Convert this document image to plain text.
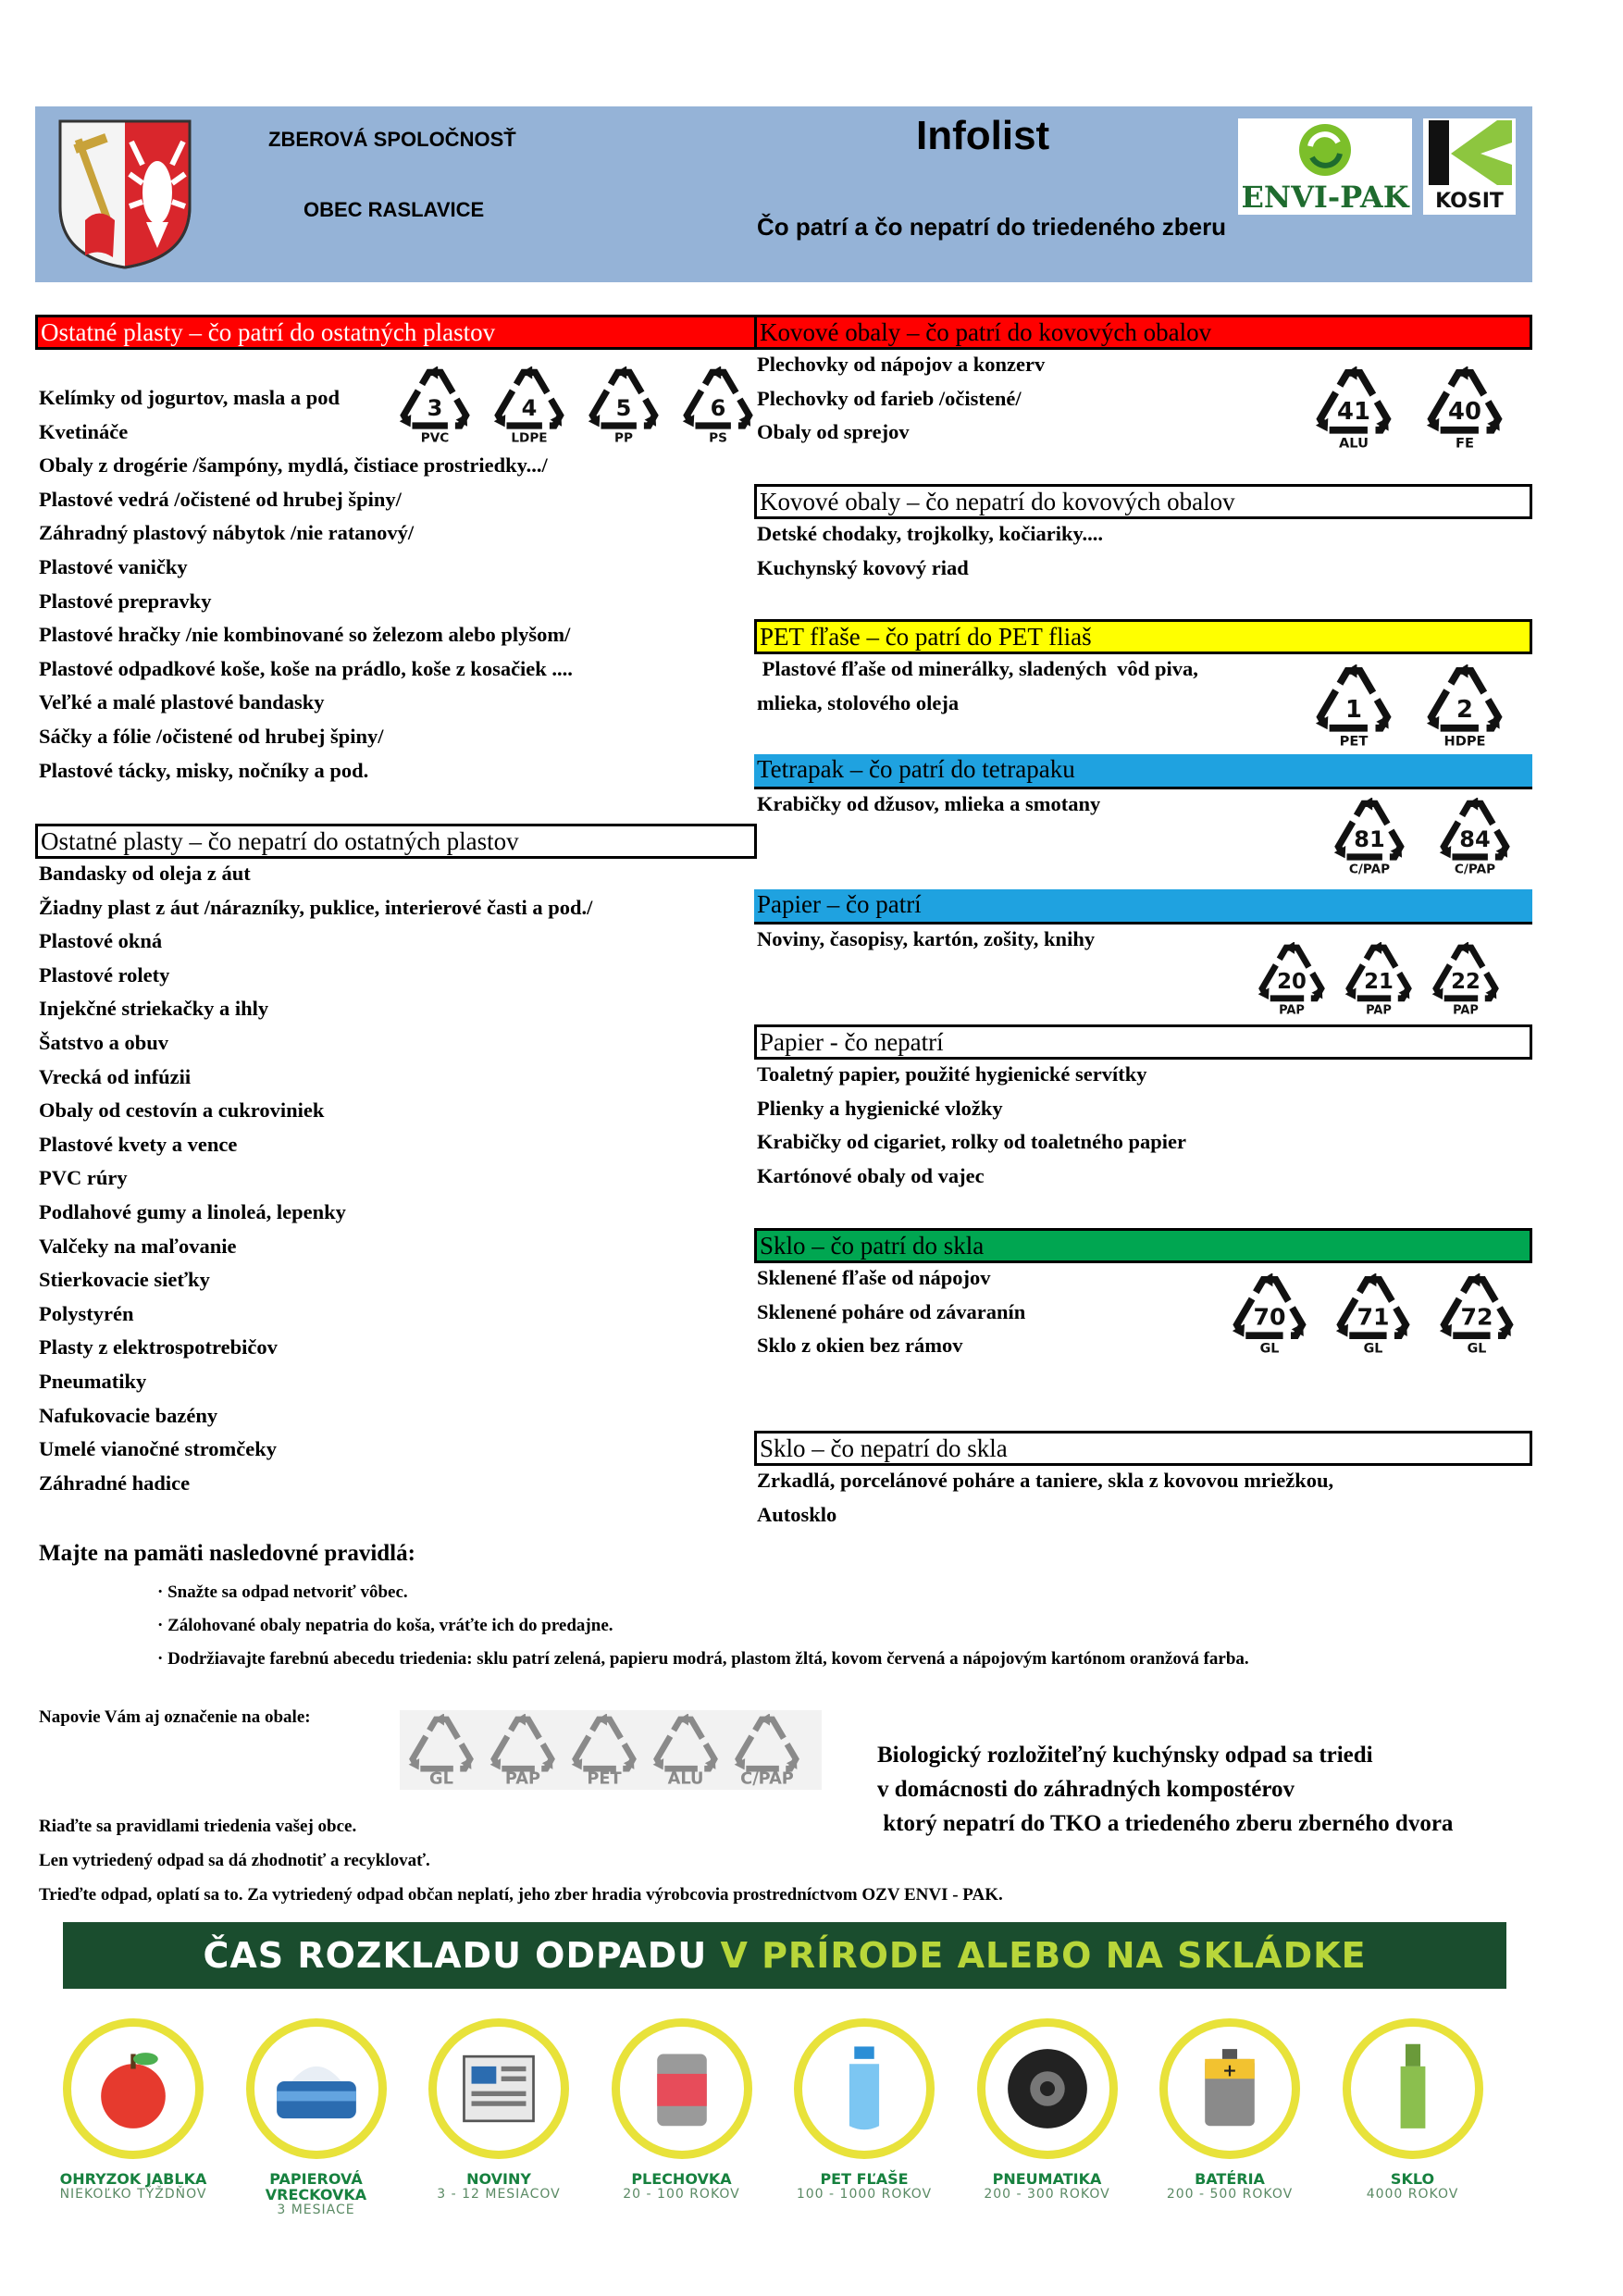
ZBEROVÁ SPOLOČNOSŤ
OBEC RASLAVICE
Infolist
Čo patrí a čo nepatrí do triedeného zberu
ENVI-PAK KOSIT
Ostatné plasty – čo patrí do ostatných plastov
Kelímky od jogurtov, masla a pod
Kvetináče
Obaly z drogérie /šampóny, mydlá, čistiace prostriedky.../
Plastové vedrá /očistené od hrubej špiny/
Záhradný plastový nábytok /nie ratanový/
Plastové vaničky
Plastové prepravky
Plastové hračky /nie kombinované so železom alebo plyšom/
Plastové odpadkové koše, koše na prádlo, koše z kosačiek ....
Veľké a malé plastové bandasky
Sáčky a fólie /očistené od hrubej špiny/
Plastové tácky, misky, nočníky a pod.
3
PVC
4
LDPE
5
PP
6
PS
Ostatné plasty – čo nepatrí do ostatných plastov
Bandasky od oleja z áut
Žiadny plast z áut /nárazníky, puklice, interierové časti a pod./
Plastové okná
Plastové rolety
Injekčné striekačky a ihly
Šatstvo a obuv
Vrecká od infúzii
Obaly od cestovín a cukroviniek
Plastové kvety a vence
PVC rúry
Podlahové gumy a linoleá, lepenky
Valčeky na maľovanie
Stierkovacie sieťky
Polystyrén
Plasty z elektrospotrebičov
Pneumatiky
Nafukovacie bazény
Umelé vianočné stromčeky
Záhradné hadice
Kovové obaly – čo patrí do kovových obalov
Plechovky od nápojov a konzerv
Plechovky od farieb /očistené/
Obaly od sprejov
41
ALU
40
FE
Kovové obaly – čo nepatrí do kovových obalov
Detské chodaky, trojkolky, kočiariky....
Kuchynský kovový riad
PET fľaše – čo patrí do PET fliaš
Plastové fľaše od minerálky, sladených  vôd piva,
mlieka, stolového oleja	1
PET
2
HDPE
Tetrapak – čo patrí do tetrapaku
Krabičky od džusov, mlieka a smotany
81
C/PAP
84
C/PAP
Papier – čo patrí
Noviny, časopisy, kartón, zošity, knihy
20
PAP
21
PAP
22
PAP
Papier - čo nepatrí
Toaletný papier, použité hygienické servítky
Plienky a hygienické vložky
Krabičky od cigariet, rolky od toaletného papier
Kartónové obaly od vajec
Sklo – čo patrí do skla
Sklenené fľaše od nápojov
Sklenené poháre od závaranín
Sklo z okien bez rámov
70
GL
71
GL
72
GL
Sklo – čo nepatrí do skla
Zrkadlá, porcelánové poháre a taniere, skla z kovovou mriežkou,
Autosklo
Majte na pamäti nasledovné pravidlá:
· Snažte sa odpad netvoriť vôbec.
· Zálohované obaly nepatria do koša, vráťte ich do predajne.
· Dodržiavajte farebnú abecedu triedenia: sklu patrí zelená, papieru modrá, plastom žltá, kovom červená a nápojovým kartónom oranžová farba.
Napovie Vám aj označenie na obale:
GL PAP PET ALU C/PAP
Biologický rozložiteľný kuchýnsky odpad sa triedi
v domácnosti do záhradných kompostérov
ktorý nepatrí do TKO a triedeného zberu zberného dvora
Riaďte sa pravidlami triedenia vašej obce.
Len vytriedený odpad sa dá zhodnotiť a recyklovať.
Trieďte odpad, oplatí sa to. Za vytriedený odpad občan neplatí, jeho zber hradia výrobcovia prostredníctvom OZV ENVI - PAK.
ČAS ROZKLADU ODPADU V PRÍRODE ALEBO NA SKLÁDKE
OHRYZOK JABLKA
NIEKOĽKO TÝŽDŇOV
PAPIEROVÁ VRECKOVKA
3 MESIACE
NOVINY
3 - 12 MESIACOV
PLECHOVKA
20 - 100 ROKOV
PET FĽAŠE
100 - 1000 ROKOV
PNEUMATIKA
200 - 300 ROKOV
+
BATÉRIA
200 - 500 ROKOV
SKLO
4000 ROKOV
